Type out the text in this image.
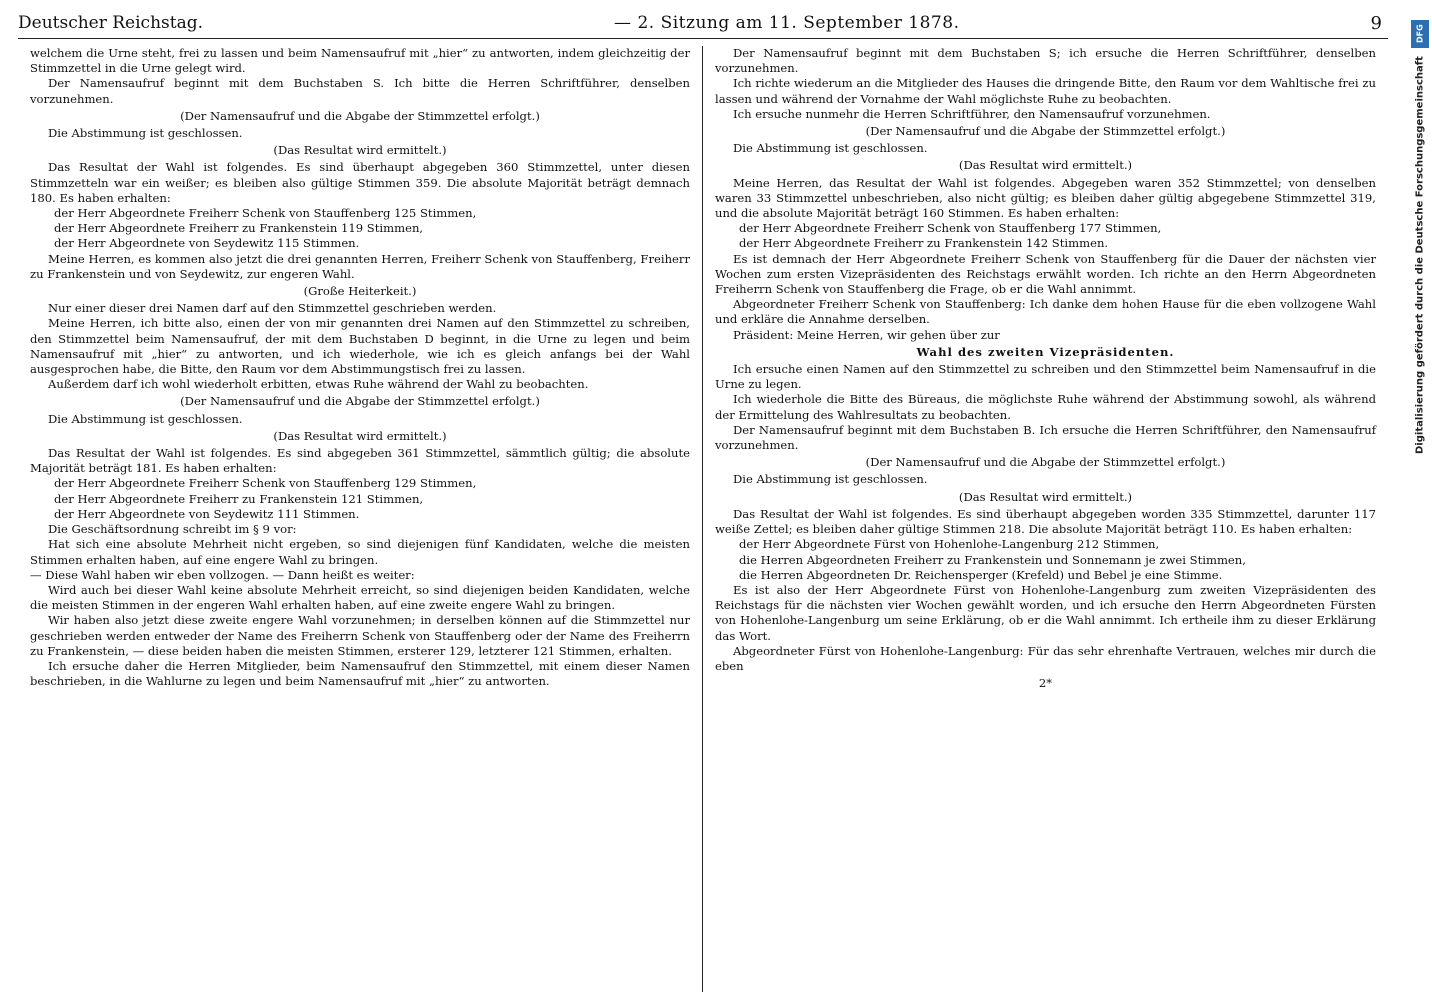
Deutscher Reichstag.	— 2. Sitzung am 11. September 1878.	9

welchem die Urne steht, frei zu lassen und beim Namensaufruf mit „hier“ zu antworten, indem gleichzeitig der Stimmzettel in die Urne gelegt wird.

Der Namensaufruf beginnt mit dem Buchstaben S. Ich bitte die Herren Schriftführer, denselben vorzunehmen.

(Der Namensaufruf und die Abgabe der Stimmzettel erfolgt.)

Die Abstimmung ist geschlossen.

(Das Resultat wird ermittelt.)

Das Resultat der Wahl ist folgendes. Es sind überhaupt abgegeben 360 Stimmzettel, unter diesen Stimmzetteln war ein weißer; es bleiben also gültige Stimmen 359. Die absolute Majorität beträgt demnach 180. Es haben erhalten:

der Herr Abgeordnete Freiherr Schenk von Stauffenberg 125 Stimmen,

der Herr Abgeordnete Freiherr zu Frankenstein 119 Stimmen,

der Herr Abgeordnete von Seydewitz 115 Stimmen.

Meine Herren, es kommen also jetzt die drei genannten Herren, Freiherr Schenk von Stauffenberg, Freiherr zu Frankenstein und von Seydewitz, zur engeren Wahl.

(Große Heiterkeit.)

Nur einer dieser drei Namen darf auf den Stimmzettel geschrieben werden.

Meine Herren, ich bitte also, einen der von mir genannten drei Namen auf den Stimmzettel zu schreiben, den Stimmzettel beim Namensaufruf, der mit dem Buchstaben D beginnt, in die Urne zu legen und beim Namensaufruf mit „hier“ zu antworten, und ich wiederhole, wie ich es gleich anfangs bei der Wahl ausgesprochen habe, die Bitte, den Raum vor dem Abstimmungstisch frei zu lassen.

Außerdem darf ich wohl wiederholt erbitten, etwas Ruhe während der Wahl zu beobachten.

(Der Namensaufruf und die Abgabe der Stimmzettel erfolgt.)

Die Abstimmung ist geschlossen.

(Das Resultat wird ermittelt.)

Das Resultat der Wahl ist folgendes. Es sind abgegeben 361 Stimmzettel, sämmtlich gültig; die absolute Majorität beträgt 181. Es haben erhalten:

der Herr Abgeordnete Freiherr Schenk von Stauffenberg 129 Stimmen,

der Herr Abgeordnete Freiherr zu Frankenstein 121 Stimmen,

der Herr Abgeordnete von Seydewitz 111 Stimmen.

Die Geschäftsordnung schreibt im § 9 vor:

Hat sich eine absolute Mehrheit nicht ergeben, so sind diejenigen fünf Kandidaten, welche die meisten Stimmen erhalten haben, auf eine engere Wahl zu bringen.

— Diese Wahl haben wir eben vollzogen. — Dann heißt es weiter:

Wird auch bei dieser Wahl keine absolute Mehrheit erreicht, so sind diejenigen beiden Kandidaten, welche die meisten Stimmen in der engeren Wahl erhalten haben, auf eine zweite engere Wahl zu bringen.

Wir haben also jetzt diese zweite engere Wahl vorzunehmen; in derselben können auf die Stimmzettel nur geschrieben werden entweder der Name des Freiherrn Schenk von Stauffenberg oder der Name des Freiherrn zu Frankenstein, — diese beiden haben die meisten Stimmen, ersterer 129, letzterer 121 Stimmen, erhalten.

Ich ersuche daher die Herren Mitglieder, beim Namensaufruf den Stimmzettel, mit einem dieser Namen beschrieben, in die Wahlurne zu legen und beim Namensaufruf mit „hier“ zu antworten.

Der Namensaufruf beginnt mit dem Buchstaben S; ich ersuche die Herren Schriftführer, denselben vorzunehmen.

Ich richte wiederum an die Mitglieder des Hauses die dringende Bitte, den Raum vor dem Wahltische frei zu lassen und während der Vornahme der Wahl möglichste Ruhe zu beobachten.

Ich ersuche nunmehr die Herren Schriftführer, den Namensaufruf vorzunehmen.

(Der Namensaufruf und die Abgabe der Stimmzettel erfolgt.)

Die Abstimmung ist geschlossen.

(Das Resultat wird ermittelt.)

Meine Herren, das Resultat der Wahl ist folgendes. Abgegeben waren 352 Stimmzettel; von denselben waren 33 Stimmzettel unbeschrieben, also nicht gültig; es bleiben daher gültig abgegebene Stimmzettel 319, und die absolute Majorität beträgt 160 Stimmen. Es haben erhalten:

der Herr Abgeordnete Freiherr Schenk von Stauffenberg 177 Stimmen,

der Herr Abgeordnete Freiherr zu Frankenstein 142 Stimmen.

Es ist demnach der Herr Abgeordnete Freiherr Schenk von Stauffenberg für die Dauer der nächsten vier Wochen zum ersten Vizepräsidenten des Reichstags erwählt worden. Ich richte an den Herrn Abgeordneten Freiherrn Schenk von Stauffenberg die Frage, ob er die Wahl annimmt.

Abgeordneter Freiherr Schenk von Stauffenberg: Ich danke dem hohen Hause für die eben vollzogene Wahl und erkläre die Annahme derselben.

Präsident: Meine Herren, wir gehen über zur

Wahl des zweiten Vizepräsidenten.

Ich ersuche einen Namen auf den Stimmzettel zu schreiben und den Stimmzettel beim Namensaufruf in die Urne zu legen.

Ich wiederhole die Bitte des Büreaus, die möglichste Ruhe während der Abstimmung sowohl, als während der Ermittelung des Wahlresultats zu beobachten.

Der Namensaufruf beginnt mit dem Buchstaben B. Ich ersuche die Herren Schriftführer, den Namensaufruf vorzunehmen.

(Der Namensaufruf und die Abgabe der Stimmzettel erfolgt.)

Die Abstimmung ist geschlossen.

(Das Resultat wird ermittelt.)

Das Resultat der Wahl ist folgendes. Es sind überhaupt abgegeben worden 335 Stimmzettel, darunter 117 weiße Zettel; es bleiben daher gültige Stimmen 218. Die absolute Majorität beträgt 110. Es haben erhalten:

der Herr Abgeordnete Fürst von Hohenlohe-Langenburg 212 Stimmen,

die Herren Abgeordneten Freiherr zu Frankenstein und Sonnemann je zwei Stimmen,

die Herren Abgeordneten Dr. Reichensperger (Krefeld) und Bebel je eine Stimme.

Es ist also der Herr Abgeordnete Fürst von Hohenlohe-Langenburg zum zweiten Vizepräsidenten des Reichstags für die nächsten vier Wochen gewählt worden, und ich ersuche den Herrn Abgeordneten Fürsten von Hohenlohe-Langenburg um seine Erklärung, ob er die Wahl annimmt. Ich ertheile ihm zu dieser Erklärung das Wort.

Abgeordneter Fürst von Hohenlohe-Langenburg: Für das sehr ehrenhafte Vertrauen, welches mir durch die eben

2*

DFG
Digitalisierung gefördert durch die Deutsche Forschungsgemeinschaft
